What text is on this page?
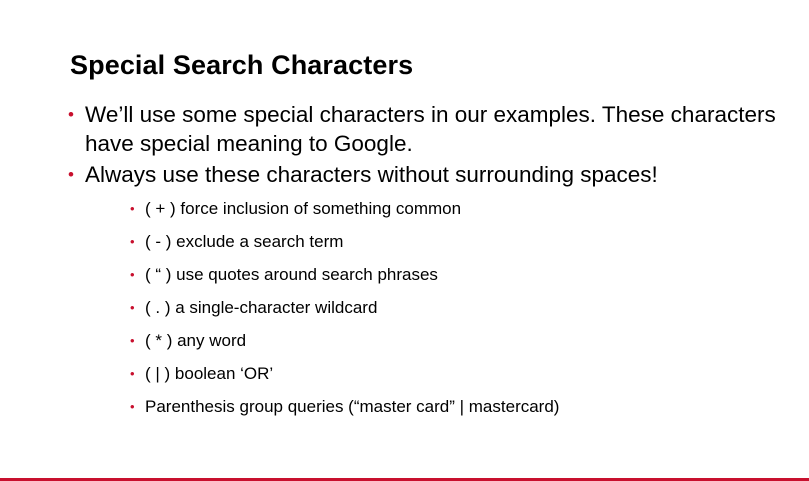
Special Search Characters
• We’ll use some special characters in our examples. These characters have special meaning to Google.
• Always use these characters without surrounding spaces!
• ( + ) force inclusion of something common
• ( - ) exclude a search term
• ( “ ) use quotes around search phrases
• ( . ) a single-character wildcard
• ( * ) any word
• ( | ) boolean ‘OR’
• Parenthesis group queries (“master card” | mastercard)
